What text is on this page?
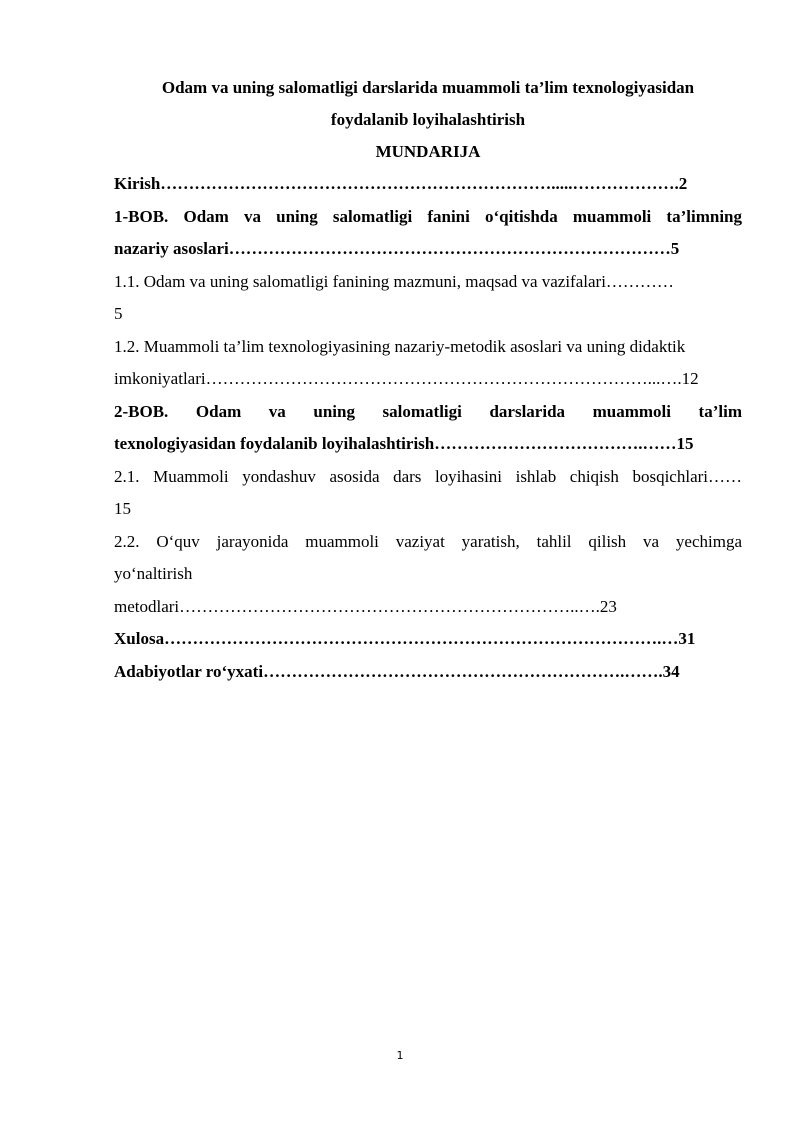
Odam va uning salomatligi darslarida muammoli ta’lim texnologiyasidan

foydalanib loyihalashtirish

MUNDARIJA

Kirish…………………………………………………………….....……………….2

1-BOB. Odam va uning salomatligi fanini o‘qitishda muammoli ta’limning
nazariy asoslari……………………………………………………………………5

1.1. Odam va uning salomatligi fanining mazmuni, maqsad va vazifalari…………
5

1.2. Muammoli ta’lim texnologiyasining nazariy-metodik asoslari va uning didaktik
imkoniyatlari……………………………………………………………………...….12

2-BOB. Odam va uning salomatligi darslarida muammoli ta’lim
texnologiyasidan foydalanib loyihalashtirish……………………………….……15

2.1. Muammoli yondashuv asosida dars loyihasini ishlab chiqish bosqichlari……
15

2.2. O‘quv jarayonida muammoli vaziyat yaratish, tahlil qilish va yechimga
yo‘naltirish
metodlari……………………………………………………………..….23

Xulosa…………………………………………………………………………….…31

Adabiyotlar ro‘yxati……………………………………………………….…….34

1
